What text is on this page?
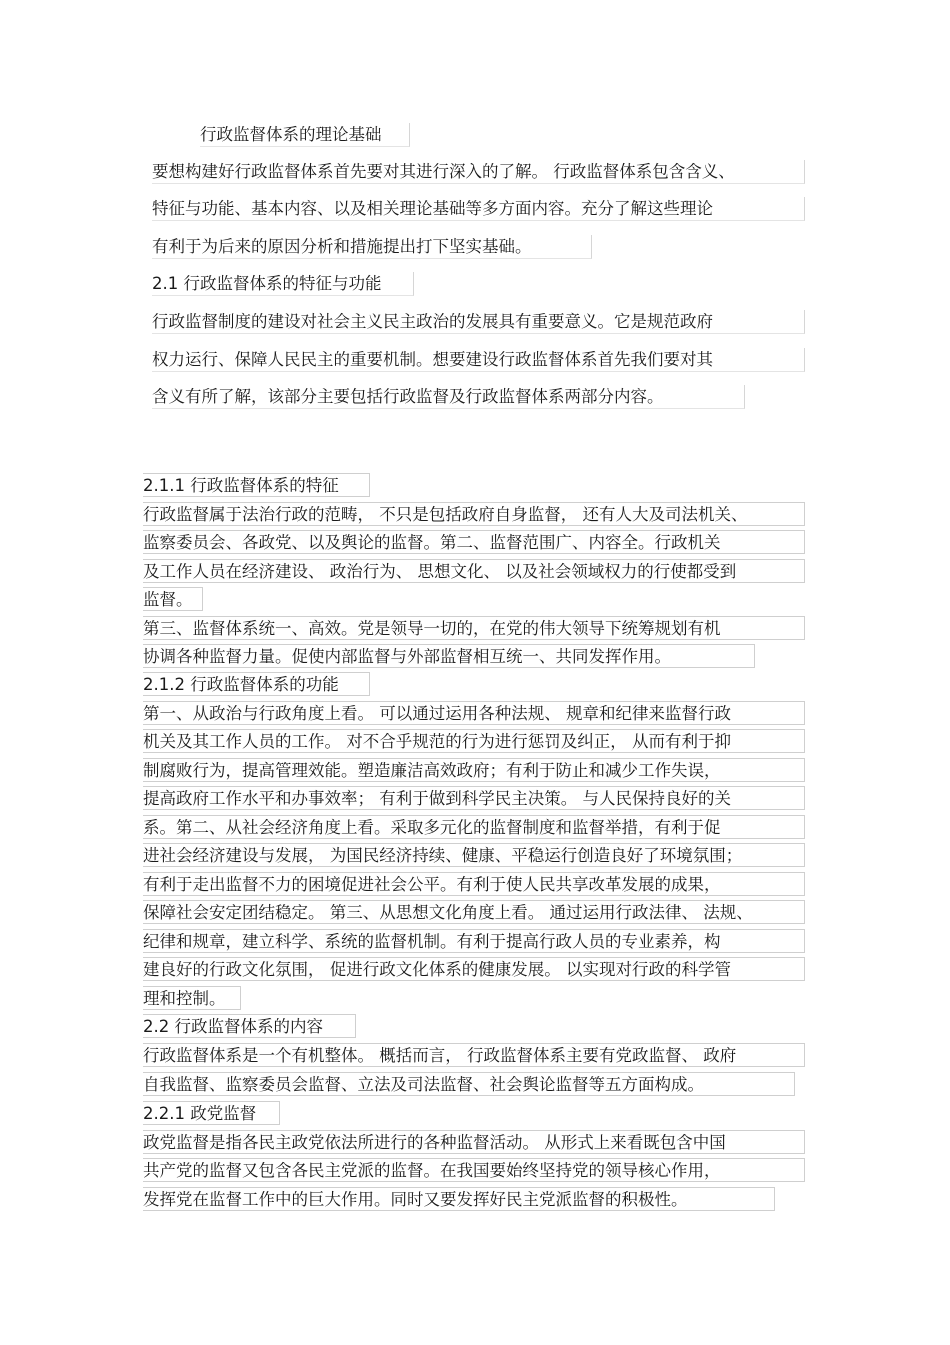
行政监督体系的理论基础
要想构建好行政监督体系首先要对其进行深入的了解。 行政监督体系包含含义、
特征与功能、基本内容、以及相关理论基础等多方面内容。充分了解这些理论
有利于为后来的原因分析和措施提出打下坚实基础。
2.1 行政监督体系的特征与功能
行政监督制度的建设对社会主义民主政治的发展具有重要意义。它是规范政府
权力运行、保障人民民主的重要机制。想要建设行政监督体系首先我们要对其
含义有所了解，该部分主要包括行政监督及行政监督体系两部分内容。
2.1.1 行政监督体系的特征
行政监督属于法治行政的范畴， 不只是包括政府自身监督， 还有人大及司法机关、
监察委员会、各政党、以及舆论的监督。第二、监督范围广、内容全。行政机关
及工作人员在经济建设、 政治行为、 思想文化、 以及社会领域权力的行使都受到
监督。
第三、监督体系统一、高效。党是领导一切的，在党的伟大领导下统筹规划有机
协调各种监督力量。促使内部监督与外部监督相互统一、共同发挥作用。
2.1.2 行政监督体系的功能
第一、从政治与行政角度上看。 可以通过运用各种法规、 规章和纪律来监督行政
机关及其工作人员的工作。 对不合乎规范的行为进行惩罚及纠正， 从而有利于抑
制腐败行为，提高管理效能。塑造廉洁高效政府；有利于防止和减少工作失误，
提高政府工作水平和办事效率； 有利于做到科学民主决策。 与人民保持良好的关
系。第二、从社会经济角度上看。采取多元化的监督制度和监督举措，有利于促
进社会经济建设与发展， 为国民经济持续、健康、平稳运行创造良好了环境氛围；
有利于走出监督不力的困境促进社会公平。有利于使人民共享改革发展的成果，
保障社会安定团结稳定。 第三、从思想文化角度上看。 通过运用行政法律、 法规、
纪律和规章，建立科学、系统的监督机制。有利于提高行政人员的专业素养，构
建良好的行政文化氛围， 促进行政文化体系的健康发展。 以实现对行政的科学管
理和控制。
2.2 行政监督体系的内容
行政监督体系是一个有机整体。 概括而言， 行政监督体系主要有党政监督、 政府
自我监督、监察委员会监督、立法及司法监督、社会舆论监督等五方面构成。
2.2.1 政党监督
政党监督是指各民主政党依法所进行的各种监督活动。 从形式上来看既包含中国
共产党的监督又包含各民主党派的监督。在我国要始终坚持党的领导核心作用，
发挥党在监督工作中的巨大作用。同时又要发挥好民主党派监督的积极性。
